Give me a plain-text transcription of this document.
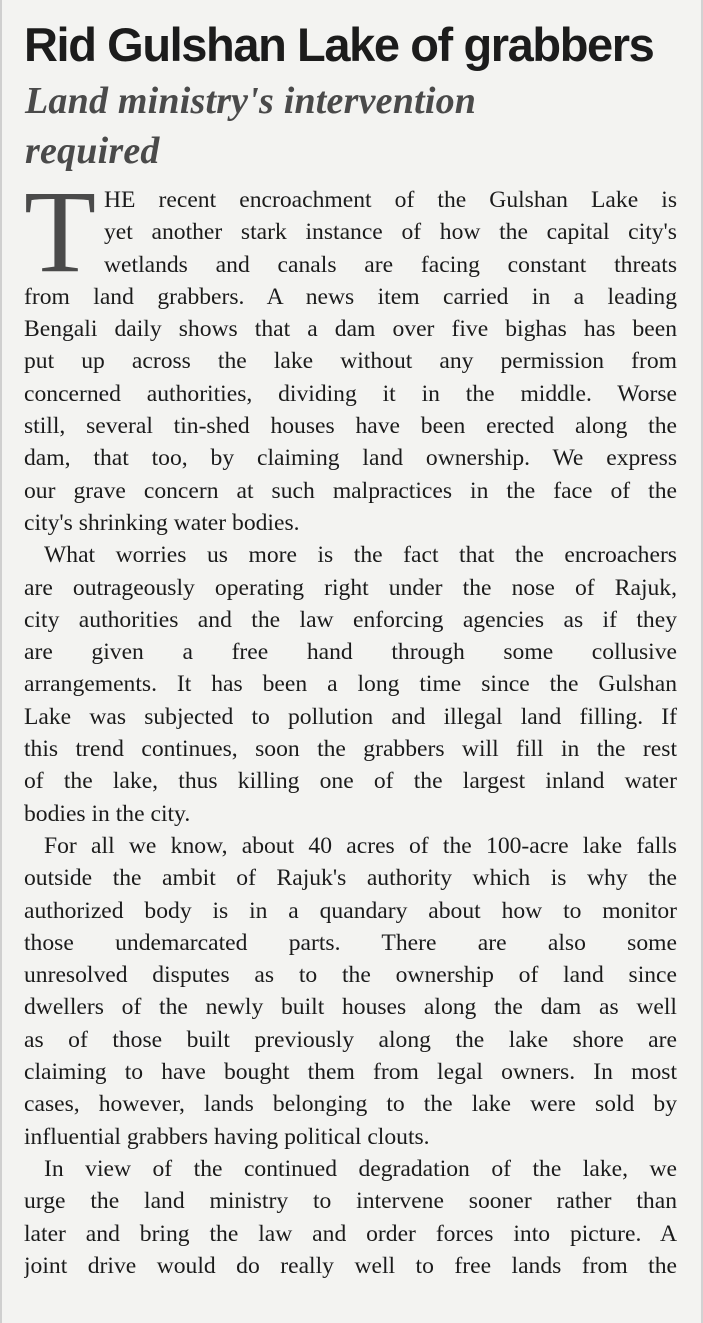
Rid Gulshan Lake of grabbers
Land ministry's intervention
required
T HE recent encroachment of the Gulshan Lake is
yet another stark instance of how the capital city's
wetlands and canals are facing constant threats
from land grabbers. A news item carried in a leading
Bengali daily shows that a dam over five bighas has been
put up across the lake without any permission from
concerned authorities, dividing it in the middle. Worse
still, several tin-shed houses have been erected along the
dam, that too, by claiming land ownership. We express
our grave concern at such malpractices in the face of the
city's shrinking water bodies.
What worries us more is the fact that the encroachers
are outrageously operating right under the nose of Rajuk,
city authorities and the law enforcing agencies as if they
are given a free hand through some collusive
arrangements. It has been a long time since the Gulshan
Lake was subjected to pollution and illegal land filling. If
this trend continues, soon the grabbers will fill in the rest
of the lake, thus killing one of the largest inland water
bodies in the city.
For all we know, about 40 acres of the 100-acre lake falls
outside the ambit of Rajuk's authority which is why the
authorized body is in a quandary about how to monitor
those undemarcated parts. There are also some
unresolved disputes as to the ownership of land since
dwellers of the newly built houses along the dam as well
as of those built previously along the lake shore are
claiming to have bought them from legal owners. In most
cases, however, lands belonging to the lake were sold by
influential grabbers having political clouts.
In view of the continued degradation of the lake, we
urge the land ministry to intervene sooner rather than
later and bring the law and order forces into picture. A
joint drive would do really well to free lands from the
